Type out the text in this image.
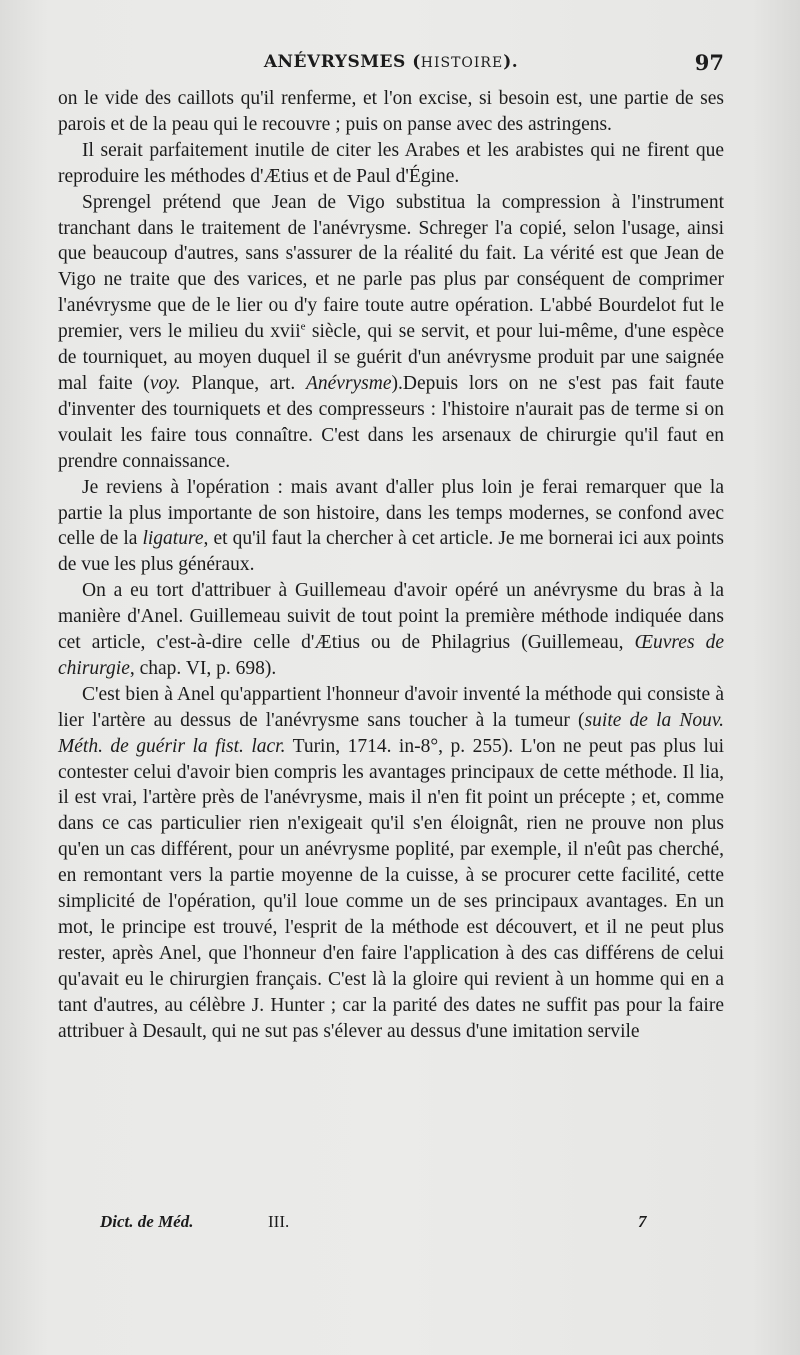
ANÉVRYSMES (HISTOIRE).	97

on le vide des caillots qu'il renferme, et l'on excise, si besoin est, une partie de ses parois et de la peau qui le recouvre ; puis on panse avec des astringens.

Il serait parfaitement inutile de citer les Arabes et les arabistes qui ne firent que reproduire les méthodes d'Ætius et de Paul d'Égine.

Sprengel prétend que Jean de Vigo substitua la compression à l'instrument tranchant dans le traitement de l'anévrysme. Schreger l'a copié, selon l'usage, ainsi que beaucoup d'autres, sans s'assurer de la réalité du fait. La vérité est que Jean de Vigo ne traite que des varices, et ne parle pas plus par conséquent de comprimer l'anévrysme que de le lier ou d'y faire toute autre opération. L'abbé Bourdelot fut le premier, vers le milieu du xvii$^e$ siècle, qui se servit, et pour lui-même, d'une espèce de tourniquet, au moyen duquel il se guérit d'un anévrysme produit par une saignée mal faite (voy. Planque, art. Anévrysme).Depuis lors on ne s'est pas fait faute d'inventer des tourniquets et des compresseurs : l'histoire n'aurait pas de terme si on voulait les faire tous connaître. C'est dans les arsenaux de chirurgie qu'il faut en prendre connaissance.

Je reviens à l'opération : mais avant d'aller plus loin je ferai remarquer que la partie la plus importante de son histoire, dans les temps modernes, se confond avec celle de la ligature, et qu'il faut la chercher à cet article. Je me bornerai ici aux points de vue les plus généraux.

On a eu tort d'attribuer à Guillemeau d'avoir opéré un anévrysme du bras à la manière d'Anel. Guillemeau suivit de tout point la première méthode indiquée dans cet article, c'est-à-dire celle d'Ætius ou de Philagrius (Guillemeau, Œuvres de chirurgie, chap. VI, p. 698).

C'est bien à Anel qu'appartient l'honneur d'avoir inventé la méthode qui consiste à lier l'artère au dessus de l'anévrysme sans toucher à la tumeur (suite de la Nouv. Méth. de guérir la fist. lacr. Turin, 1714. in-8°, p. 255). L'on ne peut pas plus lui contester celui d'avoir bien compris les avantages principaux de cette méthode. Il lia, il est vrai, l'artère près de l'anévrysme, mais il n'en fit point un précepte ; et, comme dans ce cas particulier rien n'exigeait qu'il s'en éloignât, rien ne prouve non plus qu'en un cas différent, pour un anévrysme poplité, par exemple, il n'eût pas cherché, en remontant vers la partie moyenne de la cuisse, à se procurer cette facilité, cette simplicité de l'opération, qu'il loue comme un de ses principaux avantages. En un mot, le principe est trouvé, l'esprit de la méthode est découvert, et il ne peut plus rester, après Anel, que l'honneur d'en faire l'application à des cas différens de celui qu'avait eu le chirurgien français. C'est là la gloire qui revient à un homme qui en a tant d'autres, au célèbre J. Hunter ; car la parité des dates ne suffit pas pour la faire attribuer à Desault, qui ne sut pas s'élever au dessus d'une imitation servile

Dict. de Méd.	III.	7
